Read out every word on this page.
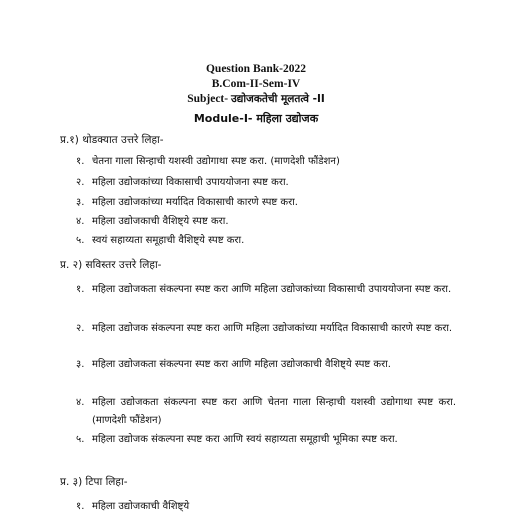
Question Bank-2022
B.Com-II-Sem-IV
Subject- उद्योजकतेची मूलतत्वे -II
Module-I- महिला उद्योजक
प्र.१) थोडक्यात उत्तरे लिहा-
१. चेतना गाला सिन्हाची यशस्वी उद्योगाथा स्पष्ट करा. (माणदेशी फौंडेशन)
२. महिला उद्योजकांच्या विकासाची उपाययोजना स्पष्ट करा.
३. महिला उद्योजकांच्या मर्यादित विकासाची कारणे स्पष्ट करा.
४. महिला उद्योजकाची वैशिष्ट्ये स्पष्ट करा.
५. स्वयं सहाय्यता समूहाची वैशिष्ट्ये स्पष्ट करा.
प्र. २) सविस्तर उत्तरे लिहा-
१. महिला उद्योजकता संकल्पना स्पष्ट करा आणि महिला उद्योजकांच्या विकासाची उपाययोजना स्पष्ट करा.
२. महिला उद्योजक संकल्पना स्पष्ट करा आणि महिला उद्योजकांच्या मर्यादित विकासाची कारणे स्पष्ट करा.
३. महिला उद्योजकता संकल्पना स्पष्ट करा आणि महिला उद्योजकाची वैशिष्ट्ये स्पष्ट करा.
४. महिला उद्योजकता संकल्पना स्पष्ट करा आणि चेतना गाला सिन्हाची यशस्वी उद्योगाथा स्पष्ट करा. (माणदेशी फौंडेशन)
५. महिला उद्योजक संकल्पना स्पष्ट करा आणि स्वयं सहाय्यता समूहाची भूमिका स्पष्ट करा.
प्र. ३) टिपा लिहा-
१. महिला उद्योजकाची वैशिष्ट्ये
